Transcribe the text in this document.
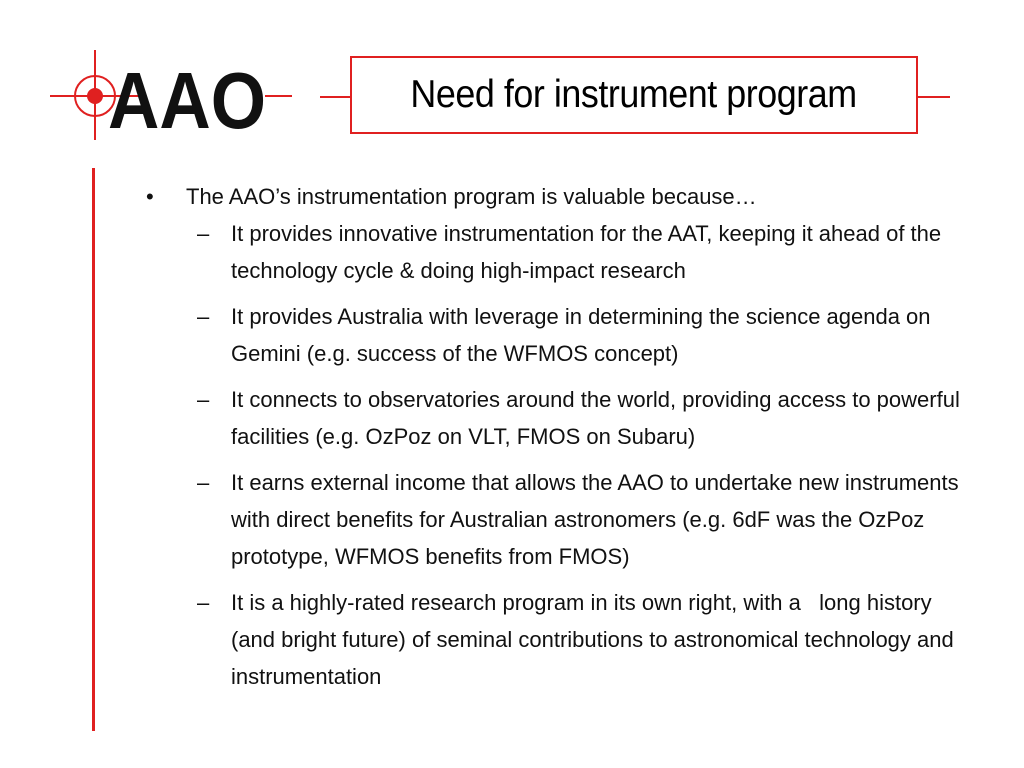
AAO	Need for instrument program
•	The AAO’s instrumentation program is valuable because…
– It provides innovative instrumentation for the AAT, keeping it ahead of the technology cycle & doing high-impact research
– It provides Australia with leverage in determining the science agenda on Gemini (e.g. success of the WFMOS concept)
– It connects to observatories around the world, providing access to powerful facilities (e.g. OzPoz on VLT, FMOS on Subaru)
– It earns external income that allows the AAO to undertake new instruments with direct benefits for Australian astronomers (e.g. 6dF was the OzPoz prototype, WFMOS benefits from FMOS)
– It is a highly-rated research program in its own right, with a   long history (and bright future) of seminal contributions to astronomical technology and instrumentation
